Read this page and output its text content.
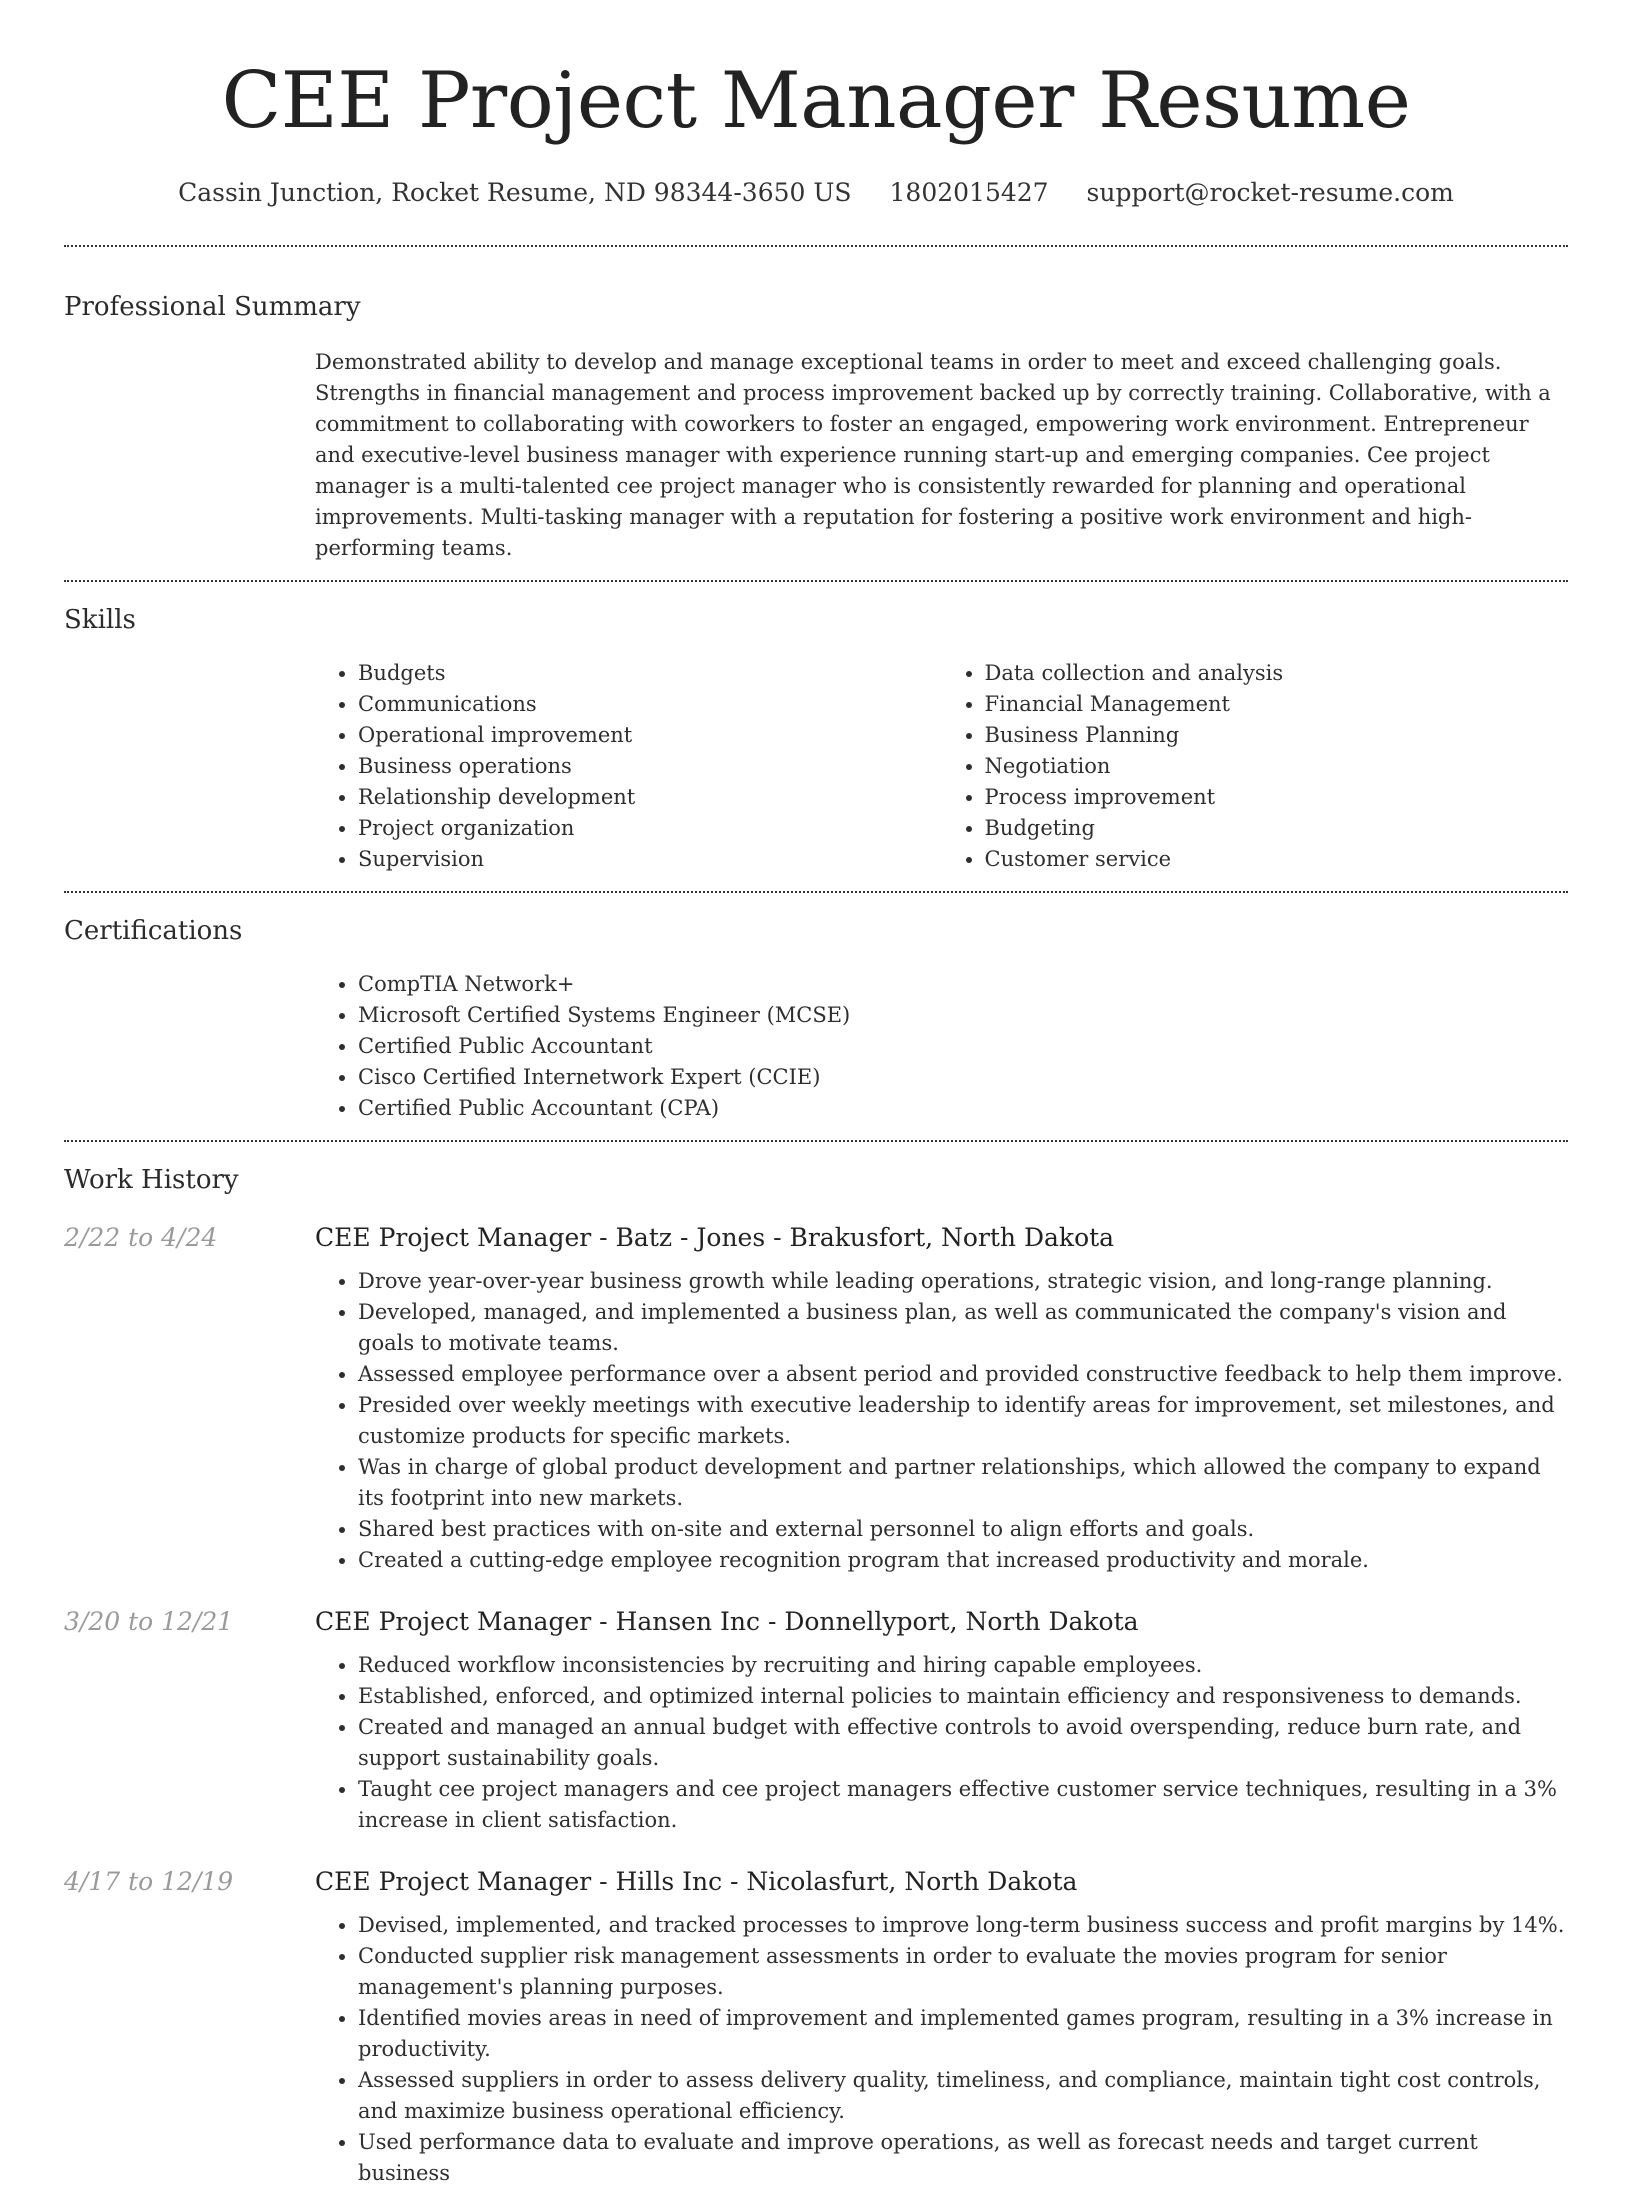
CEE Project Manager Resume
Cassin Junction, Rocket Resume, ND 98344-3650 US 1802015427 support@rocket-resume.com
Professional Summary
Demonstrated ability to develop and manage exceptional teams in order to meet and exceed challenging goals. Strengths in financial management and process improvement backed up by correctly training. Collaborative, with a commitment to collaborating with coworkers to foster an engaged, empowering work environment. Entrepreneur and executive-level business manager with experience running start-up and emerging companies. Cee project manager is a multi-talented cee project manager who is consistently rewarded for planning and operational improvements. Multi-tasking manager with a reputation for fostering a positive work environment and high-performing teams.
Skills
• Budgets
• Communications
• Operational improvement
• Business operations
• Relationship development
• Project organization
• Supervision
• Data collection and analysis
• Financial Management
• Business Planning
• Negotiation
• Process improvement
• Budgeting
• Customer service
Certifications
• CompTIA Network+
• Microsoft Certified Systems Engineer (MCSE)
• Certified Public Accountant
• Cisco Certified Internetwork Expert (CCIE)
• Certified Public Accountant (CPA)
Work History
2/22 to 4/24	CEE Project Manager - Batz - Jones - Brakusfort, North Dakota
• Drove year-over-year business growth while leading operations, strategic vision, and long-range planning.
• Developed, managed, and implemented a business plan, as well as communicated the company's vision and goals to motivate teams.
• Assessed employee performance over a absent period and provided constructive feedback to help them improve.
• Presided over weekly meetings with executive leadership to identify areas for improvement, set milestones, and customize products for specific markets.
• Was in charge of global product development and partner relationships, which allowed the company to expand its footprint into new markets.
• Shared best practices with on-site and external personnel to align efforts and goals.
• Created a cutting-edge employee recognition program that increased productivity and morale.
3/20 to 12/21	CEE Project Manager - Hansen Inc - Donnellyport, North Dakota
• Reduced workflow inconsistencies by recruiting and hiring capable employees.
• Established, enforced, and optimized internal policies to maintain efficiency and responsiveness to demands.
• Created and managed an annual budget with effective controls to avoid overspending, reduce burn rate, and support sustainability goals.
• Taught cee project managers and cee project managers effective customer service techniques, resulting in a 3% increase in client satisfaction.
4/17 to 12/19	CEE Project Manager - Hills Inc - Nicolasfurt, North Dakota
• Devised, implemented, and tracked processes to improve long-term business success and profit margins by 14%.
• Conducted supplier risk management assessments in order to evaluate the movies program for senior management's planning purposes.
• Identified movies areas in need of improvement and implemented games program, resulting in a 3% increase in productivity.
• Assessed suppliers in order to assess delivery quality, timeliness, and compliance, maintain tight cost controls, and maximize business operational efficiency.
• Used performance data to evaluate and improve operations, as well as forecast needs and target current business
